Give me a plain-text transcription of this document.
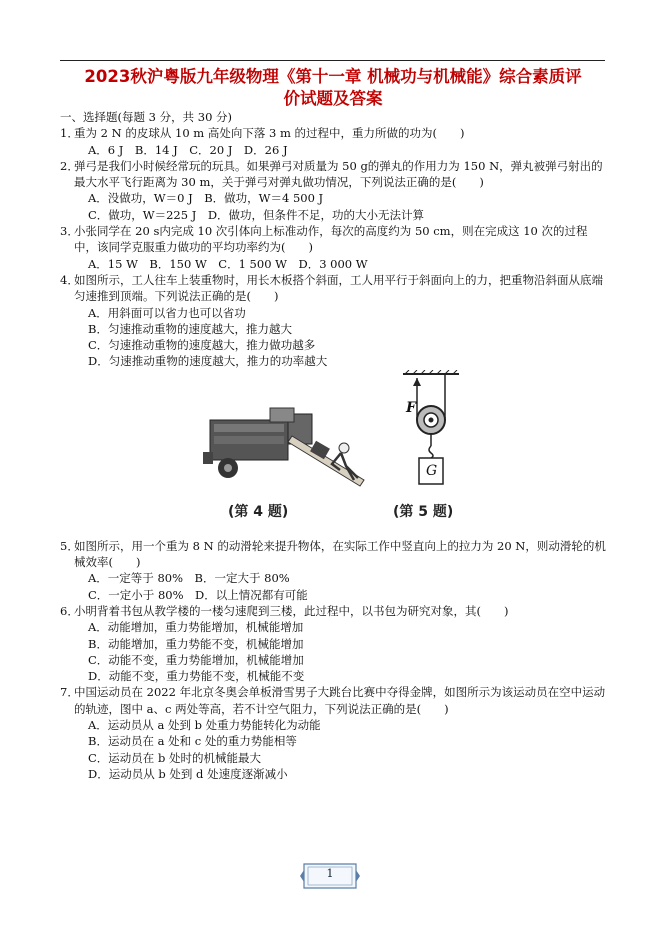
2023秋沪粤版九年级物理《第十一章 机械功与机械能》综合素质评
价试题及答案
一、选择题(每题 3 分，共 30 分)
1．
重为 2 N 的皮球从 10 m 高处向下落 3 m 的过程中，重力所做的功为(　　)
A．6 J　B．14 J　C．20 J　D．26 J
2．
弹弓是我们小时候经常玩的玩具。如果弹弓对质量为 50 g的弹丸的作用力为 150 N，弹丸被弹弓射出的最大水平飞行距离为 30 m，关于弹弓对弹丸做功情况，下列说法正确的是(　　)
A．没做功，W＝0 J　B．做功，W＝4 500 J
C．做功，W＝225 J　D．做功，但条件不足，功的大小无法计算
3．
小张同学在 20 s内完成 10 次引体向上标准动作，每次的高度约为 50 cm，则在完成这 10 次的过程中，该同学克服重力做功的平均功率约为(　　)
A．15 W　B．150 W　C．1 500 W　D．3 000 W
4．
如图所示，工人往车上装重物时，用长木板搭个斜面，工人用平行于斜面向上的力，把重物沿斜面从底端匀速推到顶端。下列说法正确的是(　　)
A．用斜面可以省力也可以省功
B．匀速推动重物的速度越大，推力越大
C．匀速推动重物的速度越大，推力做功越多
D．匀速推动重物的速度越大，推力的功率越大
(第 4 题)
F
G
(第 5 题)
5．
如图所示，用一个重为 8 N 的动滑轮来提升物体，在实际工作中竖直向上的拉力为 20 N，则动滑轮的机械效率(　　)
A．一定等于 80%　B．一定大于 80%
C．一定小于 80%　D．以上情况都有可能
6．
小明背着书包从教学楼的一楼匀速爬到三楼，此过程中，以书包为研究对象，其(　　)
A．动能增加，重力势能增加，机械能增加
B．动能增加，重力势能不变，机械能增加
C．动能不变，重力势能增加，机械能增加
D．动能不变，重力势能不变，机械能不变
7．
中国运动员在 2022 年北京冬奥会单板滑雪男子大跳台比赛中夺得金牌，如图所示为该运动员在空中运动的轨迹，图中 a、c 两处等高，若不计空气阻力，下列说法正确的是(　　)
A．运动员从 a 处到 b 处重力势能转化为动能
B．运动员在 a 处和 c 处的重力势能相等
C．运动员在 b 处时的机械能最大
D．运动员从 b 处到 d 处速度逐渐减小
1
